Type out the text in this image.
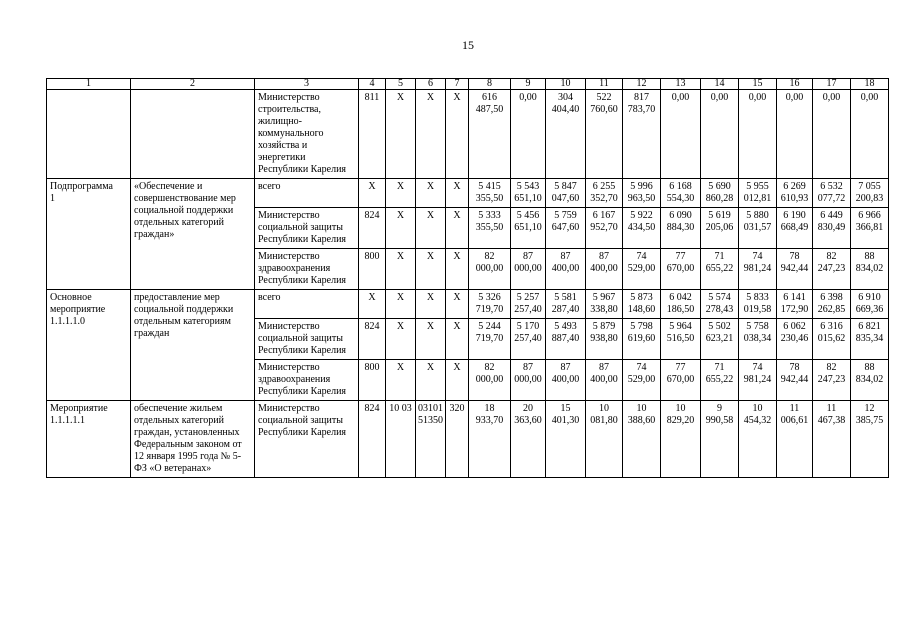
15
1	2	3	4	5	6	7	8	9	10	11	12	13	14	15	16	17	18
		Министерство строительства, жилищно-коммунального хозяйства и энергетики Республики Карелия	811	X	X	X	616 487,50	0,00	304 404,40	522 760,60	817 783,70	0,00	0,00	0,00	0,00	0,00	0,00
Подпрограмма 1	«Обеспечение и совершенствование мер социальной поддержки отдельных категорий граждан»	всего	X	X	X	X	5 415 355,50	5 543 651,10	5 847 047,60	6 255 352,70	5 996 963,50	6 168 554,30	5 690 860,28	5 955 012,81	6 269 610,93	6 532 077,72	7 055 200,83
		Министерство социальной защиты Республики Карелия	824	X	X	X	5 333 355,50	5 456 651,10	5 759 647,60	6 167 952,70	5 922 434,50	6 090 884,30	5 619 205,06	5 880 031,57	6 190 668,49	6 449 830,49	6 966 366,81
		Министерство здравоохранения Республики Карелия	800	X	X	X	82 000,00	87 000,00	87 400,00	87 400,00	74 529,00	77 670,00	71 655,22	74 981,24	78 942,44	82 247,23	88 834,02
Основное мероприятие 1.1.1.1.0	предоставление мер социальной поддержки отдельным категориям граждан	всего	X	X	X	X	5 326 719,70	5 257 257,40	5 581 287,40	5 967 338,80	5 873 148,60	6 042 186,50	5 574 278,43	5 833 019,58	6 141 172,90	6 398 262,85	6 910 669,36
		Министерство социальной защиты Республики Карелия	824	X	X	X	5 244 719,70	5 170 257,40	5 493 887,40	5 879 938,80	5 798 619,60	5 964 516,50	5 502 623,21	5 758 038,34	6 062 230,46	6 316 015,62	6 821 835,34
		Министерство здравоохранения Республики Карелия	800	X	X	X	82 000,00	87 000,00	87 400,00	87 400,00	74 529,00	77 670,00	71 655,22	74 981,24	78 942,44	82 247,23	88 834,02
Мероприятие 1.1.1.1.1	обеспечение жильем отдельных категорий граждан, установленных Федеральным законом от 12 января 1995 года № 5-ФЗ «О ветеранах»	Министерство социальной защиты Республики Карелия	824	10 03	03101 51350	320	18 933,70	20 363,60	15 401,30	10 081,80	10 388,60	10 829,20	9 990,58	10 454,32	11 006,61	11 467,38	12 385,75
